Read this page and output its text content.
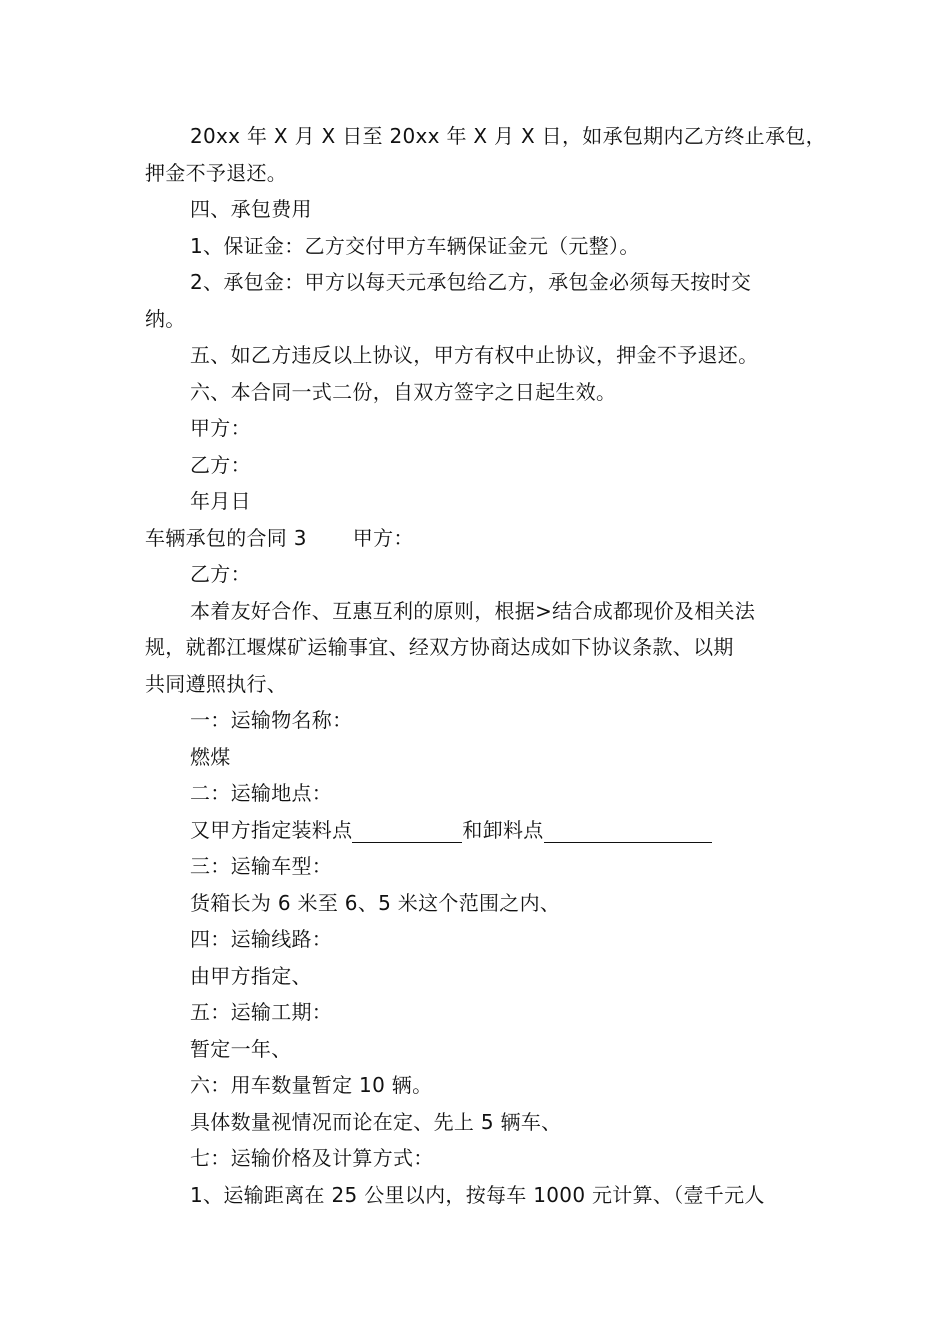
20xx 年 X 月 X 日至 20xx 年 X 月 X 日，如承包期内乙方终止承包，
押金不予退还。
四、承包费用
1、保证金：乙方交付甲方车辆保证金元（元整）。
2、承包金：甲方以每天元承包给乙方，承包金必须每天按时交
纳。
五、如乙方违反以上协议，甲方有权中止协议，押金不予退还。
六、本合同一式二份，自双方签字之日起生效。
甲方：
乙方：
年月日
车辆承包的合同 3 甲方：
乙方：
本着友好合作、互惠互利的原则，根据>结合成都现价及相关法
规，就都江堰煤矿运输事宜、经双方协商达成如下协议条款、以期
共同遵照执行、
一：运输物名称：
燃煤
二：运输地点：
又甲方指定装料点	和卸料点
三：运输车型：
货箱长为 6 米至 6、5 米这个范围之内、
四：运输线路：
由甲方指定、
五：运输工期：
暂定一年、
六：用车数量暂定 10 辆。
具体数量视情况而论在定、先上 5 辆车、
七：运输价格及计算方式：
1、运输距离在 25 公里以内，按每车 1000 元计算、（壹千元人
